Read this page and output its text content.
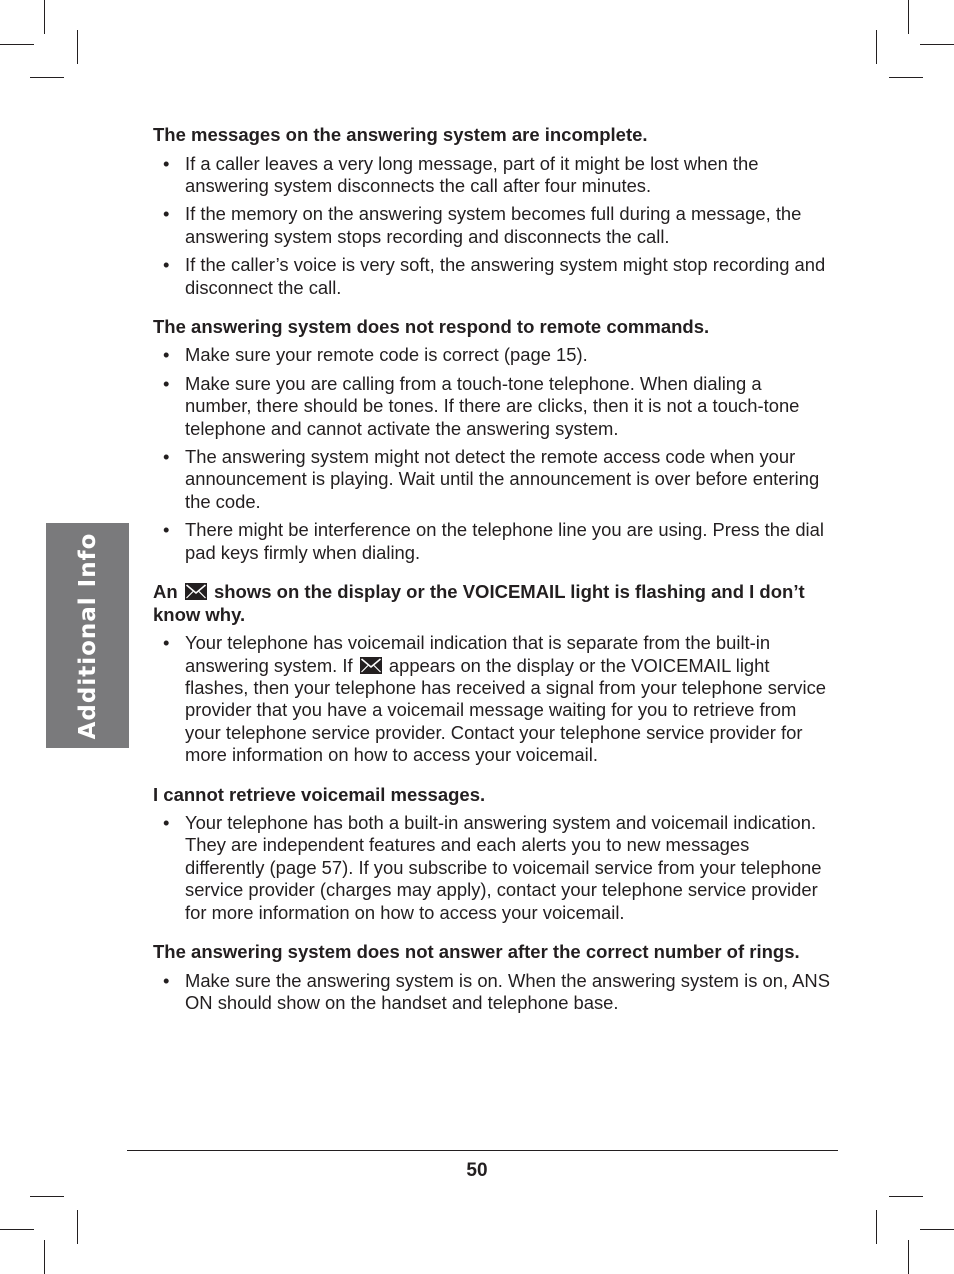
Additional Info
The messages on the answering system are incomplete.
• If a caller leaves a very long message, part of it might be lost when the answering system disconnects the call after four minutes.
• If the memory on the answering system becomes full during a message, the answering system stops recording and disconnects the call.
• If the caller’s voice is very soft, the answering system might stop recording and disconnect the call.
The answering system does not respond to remote commands.
• Make sure your remote code is correct (page 15).
• Make sure you are calling from a touch-tone telephone. When dialing a number, there should be tones. If there are clicks, then it is not a touch-tone telephone and cannot activate the answering system.
• The answering system might not detect the remote access code when your announcement is playing. Wait until the announcement is over before entering the code.
• There might be interference on the telephone line you are using. Press the dial pad keys firmly when dialing.
An shows on the display or the VOICEMAIL light is flashing and I don’t know why.
• Your telephone has voicemail indication that is separate from the built-in answering system. If appears on the display or the VOICEMAIL light flashes, then your telephone has received a signal from your telephone service provider that you have a voicemail message waiting for you to retrieve from your telephone service provider. Contact your telephone service provider for more information on how to access your voicemail.
I cannot retrieve voicemail messages.
• Your telephone has both a built-in answering system and voicemail indication. They are independent features and each alerts you to new messages differently (page 57). If you subscribe to voicemail service from your telephone service provider (charges may apply), contact your telephone service provider for more information on how to access your voicemail.
The answering system does not answer after the correct number of rings.
• Make sure the answering system is on. When the answering system is on, ANS ON should show on the handset and telephone base.
50
